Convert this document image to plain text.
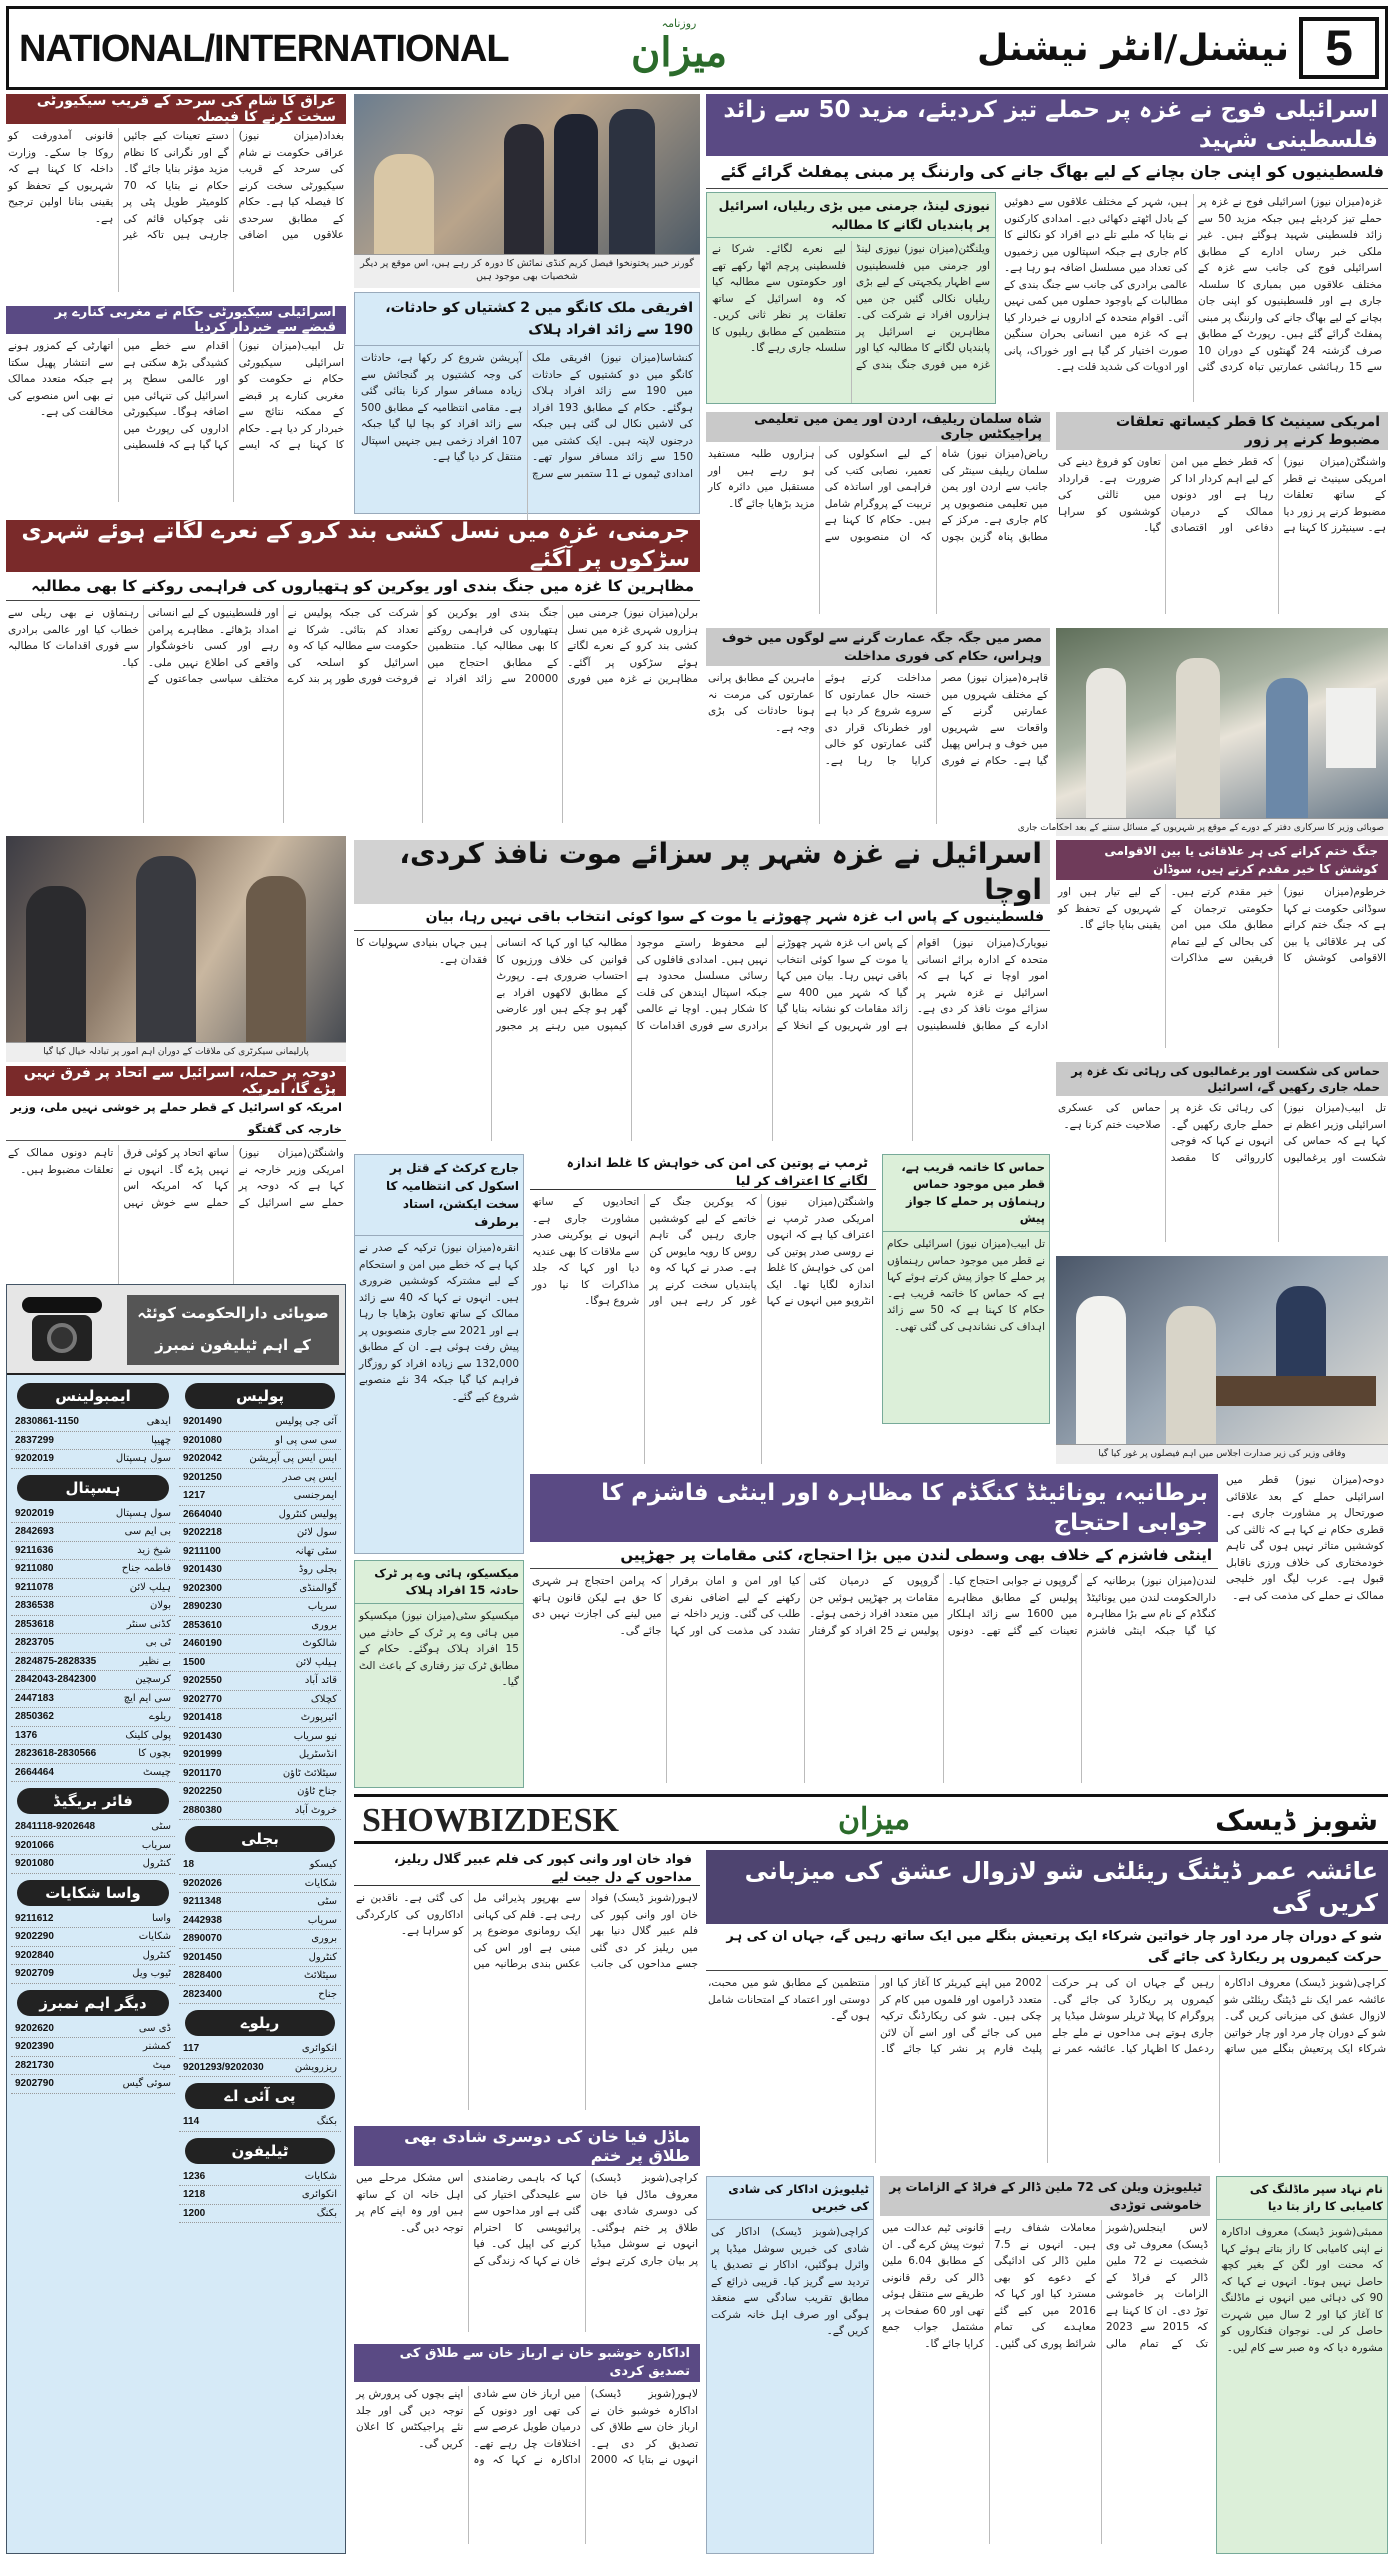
NATIONAL/INTERNATIONAL
روزنامہ
میزان	نیشنل/انٹر نیشنل 5
عراق کا شام کی سرحد کے قریب سیکیورٹی سخت کرنے کا فیصلہ
بغداد(میزان نیوز) عراقی حکومت نے شام کی سرحد کے قریب سیکیورٹی سخت کرنے کا فیصلہ کیا ہے۔ حکام کے مطابق سرحدی علاقوں میں اضافی دستے تعینات کیے جائیں گے اور نگرانی کا نظام مزید مؤثر بنایا جائے گا۔ حکام نے بتایا کہ 70 کلومیٹر طویل پٹی پر نئی چوکیاں قائم کی جارہی ہیں تاکہ غیر قانونی آمدورفت کو روکا جا سکے۔ وزارت داخلہ کا کہنا ہے کہ شہریوں کے تحفظ کو یقینی بنانا اولین ترجیح ہے۔
اسرائیلی سیکیورٹی حکام نے مغربی کنارے پر قبضے سے خبردار کردیا
تل ابیب(میزان نیوز) اسرائیلی سیکیورٹی حکام نے حکومت کو مغربی کنارے پر قبضے کے ممکنہ نتائج سے خبردار کر دیا ہے۔ حکام کا کہنا ہے کہ ایسے اقدام سے خطے میں کشیدگی بڑھ سکتی ہے اور عالمی سطح پر اسرائیل کی تنہائی میں اضافہ ہوگا۔ سیکیورٹی اداروں کی رپورٹ میں کہا گیا ہے کہ فلسطینی اتھارٹی کے کمزور ہونے سے انتشار پھیل سکتا ہے جبکہ متعدد ممالک نے بھی اس منصوبے کی مخالفت کی ہے۔
گورنر خیبر پختونخوا فیصل کریم کنڈی نمائش کا دورہ کر رہے ہیں، اس موقع پر دیگر شخصیات بھی موجود ہیں
افریقی ملک کانگو میں 2 کشتیاں کو حادثات، 190 سے زائد افراد ہلاک
کنشاسا(میزان نیوز) افریقی ملک کانگو میں دو کشتیوں کے حادثات میں 190 سے زائد افراد ہلاک ہوگئے۔ حکام کے مطابق 193 افراد کی لاشیں نکال لی گئی ہیں جبکہ درجنوں لاپتہ ہیں۔ ایک کشتی میں 150 سے زائد مسافر سوار تھے۔ امدادی ٹیموں نے 11 ستمبر سے سرچ آپریشن شروع کر رکھا ہے، حادثات کی وجہ کشتیوں پر گنجائش سے زیادہ مسافر سوار کرنا بتائی گئی ہے۔ مقامی انتظامیہ کے مطابق 500 سے زائد افراد کو بچا لیا گیا جبکہ 107 افراد زخمی ہیں جنہیں اسپتال منتقل کر دیا گیا ہے۔
اسرائیلی فوج نے غزہ پر حملے تیز کردیئے، مزید 50 سے زائد فلسطینی شہید
فلسطینیوں کو اپنی جان بچانے کے لیے بھاگ جانے کی وارننگ پر مبنی پمفلٹ گرائے گئے
غزہ(میزان نیوز) اسرائیلی فوج نے غزہ پر حملے تیز کردیئے ہیں جبکہ مزید 50 سے زائد فلسطینی شہید ہوگئے ہیں۔ غیر ملکی خبر رساں ادارے کے مطابق اسرائیلی فوج کی جانب سے غزہ کے مختلف علاقوں میں بمباری کا سلسلہ جاری ہے اور فلسطینیوں کو اپنی جان بچانے کے لیے بھاگ جانے کی وارننگ پر مبنی پمفلٹ گرائے گئے ہیں۔ رپورٹ کے مطابق صرف گزشتہ 24 گھنٹوں کے دوران 10 سے 15 رہائشی عمارتیں تباہ کردی گئی ہیں، شہر کے مختلف علاقوں سے دھوئیں کے بادل اٹھتے دکھائی دیے۔ امدادی کارکنوں نے بتایا کہ ملبے تلے دبے افراد کو نکالنے کا کام جاری ہے جبکہ اسپتالوں میں زخمیوں کی تعداد میں مسلسل اضافہ ہو رہا ہے۔ عالمی برادری کی جانب سے جنگ بندی کے مطالبات کے باوجود حملوں میں کمی نہیں آئی۔ اقوام متحدہ کے اداروں نے خبردار کیا ہے کہ غزہ میں انسانی بحران سنگین صورت اختیار کر گیا ہے اور خوراک، پانی اور ادویات کی شدید قلت ہے۔
نیوزی لینڈ، جرمنی میں بڑی ریلیاں، اسرائیل پر پابندیاں لگانے کا مطالبہ
ویلنگٹن(میزان نیوز) نیوزی لینڈ اور جرمنی میں فلسطینیوں سے اظہار یکجہتی کے لیے بڑی ریلیاں نکالی گئیں جن میں ہزاروں افراد نے شرکت کی۔ مظاہرین نے اسرائیل پر پابندیاں لگانے کا مطالبہ کیا اور غزہ میں فوری جنگ بندی کے لیے نعرے لگائے۔ شرکا نے فلسطینی پرچم اٹھا رکھے تھے اور حکومتوں سے مطالبہ کیا کہ وہ اسرائیل کے ساتھ تعلقات پر نظر ثانی کریں۔ منتظمین کے مطابق ریلیوں کا سلسلہ جاری رہے گا۔
امریکی سینیٹ کا قطر کیساتھ تعلقات مضبوط کرنے پر زور
واشنگٹن(میزان نیوز) امریکی سینیٹ نے قطر کے ساتھ تعلقات مضبوط کرنے پر زور دیا ہے۔ سینیٹرز کا کہنا ہے کہ قطر خطے میں امن کے لیے اہم کردار ادا کر رہا ہے اور دونوں ممالک کے درمیان دفاعی اور اقتصادی تعاون کو فروغ دینے کی ضرورت ہے۔ قرارداد میں ثالثی کی کوششوں کو سراہا گیا۔
شاہ سلمان ریلیف، اردن اور یمن میں تعلیمی پراجیکٹس جاری
ریاض(میزان نیوز) شاہ سلمان ریلیف سینٹر کی جانب سے اردن اور یمن میں تعلیمی منصوبوں پر کام جاری ہے۔ مرکز کے مطابق پناہ گزین بچوں کے لیے اسکولوں کی تعمیر، نصابی کتب کی فراہمی اور اساتذہ کی تربیت کے پروگرام شامل ہیں۔ حکام کا کہنا ہے کہ ان منصوبوں سے ہزاروں طلبہ مستفید ہو رہے ہیں اور مستقبل میں دائرہ کار مزید بڑھایا جائے گا۔
جرمنی، غزہ میں نسل کشی بند کرو کے نعرے لگاتے ہوئے شہری سڑکوں پر آگئے
مظاہرین کا غزہ میں جنگ بندی اور یوکرین کو ہتھیاروں کی فراہمی روکنے کا بھی مطالبہ
برلن(میزان نیوز) جرمنی میں ہزاروں شہری غزہ میں نسل کشی بند کرو کے نعرے لگاتے ہوئے سڑکوں پر آگئے۔ مظاہرین نے غزہ میں فوری جنگ بندی اور یوکرین کو ہتھیاروں کی فراہمی روکنے کا بھی مطالبہ کیا۔ منتظمین کے مطابق احتجاج میں 20000 سے زائد افراد نے شرکت کی جبکہ پولیس نے تعداد کم بتائی۔ شرکا نے حکومت سے مطالبہ کیا کہ وہ اسرائیل کو اسلحہ کی فروخت فوری طور پر بند کرے اور فلسطینیوں کے لیے انسانی امداد بڑھائے۔ مظاہرے پرامن رہے اور کسی ناخوشگوار واقعے کی اطلاع نہیں ملی۔ مختلف سیاسی جماعتوں کے رہنماؤں نے بھی ریلی سے خطاب کیا اور عالمی برادری سے فوری اقدامات کا مطالبہ کیا۔
مصر میں جگہ جگہ عمارت گرنے سے لوگوں میں خوف وہراس، حکام کی فوری مداخلت
قاہرہ(میزان نیوز) مصر کے مختلف شہروں میں عمارتیں گرنے کے واقعات سے شہریوں میں خوف و ہراس پھیل گیا ہے۔ حکام نے فوری مداخلت کرتے ہوئے خستہ حال عمارتوں کا سروے شروع کر دیا ہے اور خطرناک قرار دی گئی عمارتوں کو خالی کرایا جا رہا ہے۔ ماہرین کے مطابق پرانی عمارتوں کی مرمت نہ ہونا حادثات کی بڑی وجہ ہے۔
صوبائی وزیر کا سرکاری دفتر کے دورے کے موقع پر شہریوں کے مسائل سننے کے بعد احکامات جاری
پارلیمانی سیکرٹری کی ملاقات کے دوران اہم امور پر تبادلہ خیال کیا گیا
اسرائیل نے غزہ شہر پر سزائے موت نافذ کردی، اوچا
فلسطینیوں کے پاس اب غزہ شہر چھوڑنے یا موت کے سوا کوئی انتخاب باقی نہیں رہا، بیان
نیویارک(میزان نیوز) اقوام متحدہ کے ادارہ برائے انسانی امور اوچا نے کہا ہے کہ اسرائیل نے غزہ شہر پر سزائے موت نافذ کر دی ہے۔ ادارے کے مطابق فلسطینیوں کے پاس اب غزہ شہر چھوڑنے یا موت کے سوا کوئی انتخاب باقی نہیں رہا۔ بیان میں کہا گیا کہ شہر میں 400 سے زائد مقامات کو نشانہ بنایا گیا ہے اور شہریوں کے انخلا کے لیے محفوظ راستے موجود نہیں ہیں۔ امدادی قافلوں کی رسائی مسلسل محدود ہے جبکہ اسپتال ایندھن کی قلت کا شکار ہیں۔ اوچا نے عالمی برادری سے فوری اقدامات کا مطالبہ کیا اور کہا کہ انسانی قوانین کی خلاف ورزیوں کا احتساب ضروری ہے۔ رپورٹ کے مطابق لاکھوں افراد بے گھر ہو چکے ہیں اور عارضی کیمپوں میں رہنے پر مجبور ہیں جہاں بنیادی سہولیات کا فقدان ہے۔
جنگ ختم کرانے کی ہر علاقائی یا بین الاقوامی کوشش کا خیر مقدم کرتے ہیں، سوڈان
خرطوم(میزان نیوز) سوڈانی حکومت نے کہا ہے کہ جنگ ختم کرانے کی ہر علاقائی یا بین الاقوامی کوشش کا خیر مقدم کرتے ہیں۔ حکومتی ترجمان کے مطابق ملک میں امن کی بحالی کے لیے تمام فریقین سے مذاکرات کے لیے تیار ہیں اور شہریوں کے تحفظ کو یقینی بنایا جائے گا۔
حماس کی شکست اور یرغمالیوں کی رہائی تک غزہ پر حملہ جاری رکھیں گے، اسرائیل
تل ابیب(میزان نیوز) اسرائیلی وزیر اعظم نے کہا ہے کہ حماس کی شکست اور یرغمالیوں کی رہائی تک غزہ پر حملے جاری رکھیں گے۔ انہوں نے کہا کہ فوجی کارروائی کا مقصد حماس کی عسکری صلاحیت ختم کرنا ہے۔
دوحہ پر حملہ، اسرائیل سے اتحاد پر فرق نہیں پڑے گا، امریکہ
امریکہ کو اسرائیل کے قطر حملے پر خوشی نہیں ملی، وزیر خارجہ کی گفتگو
واشنگٹن(میزان نیوز) امریکی وزیر خارجہ نے کہا ہے کہ دوحہ پر حملے سے اسرائیل کے ساتھ اتحاد پر کوئی فرق نہیں پڑے گا۔ انہوں نے کہا کہ امریکہ اس حملے سے خوش نہیں تاہم دونوں ممالک کے تعلقات مضبوط ہیں۔	جارج کرکٹ کے قتل پر اسکول کی انتظامیہ کا سخت ایکشن، استاد برطرف
انقرہ(میزان نیوز) ترکیہ کے صدر نے کہا ہے کہ خطے میں امن و استحکام کے لیے مشترکہ کوششیں ضروری ہیں۔ انہوں نے کہا کہ 40 سے زائد ممالک کے ساتھ تعاون بڑھایا جا رہا ہے اور 2021 سے جاری منصوبوں پر پیش رفت ہوئی ہے۔ ان کے مطابق 132,000 سے زیادہ افراد کو روزگار فراہم کیا گیا جبکہ 34 نئے منصوبے شروع کیے گئے۔
ٹرمپ نے پوتین کی امن کی خواہش کا غلط اندازہ لگانے کا اعتراف کر لیا
واشنگٹن(میزان نیوز) امریکی صدر ٹرمپ نے اعتراف کیا ہے کہ انہوں نے روسی صدر پوتین کی امن کی خواہش کا غلط اندازہ لگایا تھا۔ ایک انٹرویو میں انہوں نے کہا کہ یوکرین جنگ کے خاتمے کے لیے کوششیں جاری رہیں گی تاہم روس کا رویہ مایوس کن ہے۔ صدر نے کہا کہ وہ پابندیاں سخت کرنے پر غور کر رہے ہیں اور اتحادیوں کے ساتھ مشاورت جاری ہے۔ انہوں نے یوکرینی صدر سے ملاقات کا بھی عندیہ دیا اور کہا کہ جلد مذاکرات کا نیا دور شروع ہوگا۔
حماس کا خاتمہ قریب ہے، قطر میں موجود حماس رہنماؤں پر حملے کا جواز پیش
تل ابیب(میزان نیوز) اسرائیلی حکام نے قطر میں موجود حماس رہنماؤں پر حملے کا جواز پیش کرتے ہوئے کہا ہے کہ حماس کا خاتمہ قریب ہے۔ حکام کا کہنا ہے کہ 50 سے زائد اہداف کی نشاندہی کی گئی تھی۔
وفاقی وزیر کی زیر صدارت اجلاس میں اہم فیصلوں پر غور کیا گیا
دوحہ(میزان نیوز) قطر میں اسرائیلی حملے کے بعد علاقائی صورتحال پر مشاورت جاری ہے۔ قطری حکام نے کہا ہے کہ ثالثی کی کوششیں متاثر نہیں ہوں گی تاہم خودمختاری کی خلاف ورزی ناقابل قبول ہے۔ عرب لیگ اور خلیجی ممالک نے حملے کی مذمت کی ہے۔
برطانیہ، یونائیٹڈ کنگڈم کا مظاہرہ اور اینٹی فاشزم کا جوابی احتجاج
اینٹی فاشزم کے خلاف بھی وسطی لندن میں بڑا احتجاج، کئی مقامات پر جھڑپیں
لندن(میزان نیوز) برطانیہ کے دارالحکومت لندن میں یونائیٹڈ کنگڈم کے نام سے بڑا مظاہرہ کیا گیا جبکہ اینٹی فاشزم گروپوں نے جوابی احتجاج کیا۔ پولیس کے مطابق مظاہرے میں 1600 سے زائد اہلکار تعینات کیے گئے تھے۔ دونوں گروپوں کے درمیان کئی مقامات پر جھڑپیں ہوئیں جن میں متعدد افراد زخمی ہوئے۔ پولیس نے 25 افراد کو گرفتار کیا اور امن و امان برقرار رکھنے کے لیے اضافی نفری طلب کی گئی۔ وزیر داخلہ نے تشدد کی مذمت کی اور کہا کہ پرامن احتجاج ہر شہری کا حق ہے لیکن قانون ہاتھ میں لینے کی اجازت نہیں دی جائے گی۔
میکسیکو، ہائی وے پر ٹرک حادثہ 15 افراد ہلاک
میکسیکو سٹی(میزان نیوز) میکسیکو میں ہائی وے پر ٹرک کے حادثے میں 15 افراد ہلاک ہوگئے۔ حکام کے مطابق ٹرک تیز رفتاری کے باعث الٹ گیا۔
صوبائی دارالحکومت کوئٹہ
کے اہم ٹیلیفون نمبرز
پولیس
9201490	آئی جی پولیس
9201080	سی سی پی او
9202042	ایس ایس پی آپریشن
9201250	ایس پی صدر
1217	ایمرجنسی
2664040	پولیس کنٹرول
9202218	سول لائن
9211100	سٹی تھانہ
9201430	بجلی روڈ
9202300	گوالمنڈی
2890230	سریاب
2853610	بروری
2460190	شالکوٹ
1500	ہیلپ لائن
9202550	قائد آباد
9202770	کچلاک
9201418	ائیرپورٹ
9201430	نیو سریاب
9201999	انڈسٹریل
9201170	سیٹلائٹ ٹاؤن
9202250	جناح ٹاؤن
2880380	خروٹ آباد
بجلی
18	کیسکو
9202026	شکایات
9211348	سٹی
2442938	سریاب
2890070	بروری
9201450	کنٹرول
2828400	سیٹلائٹ
2823400	جناح
ریلوے
117	انکوائری
9201293/9202030	ریزرویشن
پی آئی اے
114	بکنگ
ٹیلیفون
1236	شکایات
1218	انکوائری
1200	بکنگ
ایمبولینس
2830861-1150	ایدھی
2837299	چھیپا
9202019	سول ہسپتال
ہسپتال
9202019	سول ہسپتال
2842693	بی ایم سی
9211636	شیخ زید
9211080	فاطمہ جناح
9211078	ہیلپ لائن
2836538	بولان
2853618	کڈنی سنٹر
2823705	ٹی بی
2824875-2828335	بے نظیر
2842043-2842300	کرسچین
2447183	سی ایم ایچ
2850362	ریلوے
1376	پولی کلینک
2823618-2830566	بچوں کا
2664464	چیسٹ
فائر بریگیڈ
2841118-9202648	سٹی
9201066	سریاب
9201080	کنٹرول
واسا شکایات
9211612	واسا
9202290	شکایات
9202840	کنٹرول
9202709	ٹیوب ویل
دیگر اہم نمبرز
9202620	ڈی سی
9202390	کمشنر
2821730	میٹ
9202790	سوئی گیس
SHOWBIZDESK	میزان	شوبز ڈیسک
فواد خان اور وانی کپور کی فلم عبیر گلال ریلیز، مداحوں کے دل جیت لیے
لاہور(شوبز ڈیسک) فواد خان اور وانی کپور کی فلم عبیر گلال دنیا بھر میں ریلیز کر دی گئی جسے مداحوں کی جانب سے بھرپور پذیرائی مل رہی ہے۔ فلم کی کہانی ایک رومانوی موضوع پر مبنی ہے اور اس کی عکس بندی برطانیہ میں کی گئی ہے۔ ناقدین نے اداکاروں کی کارکردگی کو سراہا ہے۔
عائشہ عمر ڈیٹنگ ریئلٹی شو لازوال عشق کی میزبانی کریں گی
شو کے دوران چار مرد اور چار خواتین شرکاء ایک پرتعیش بنگلے میں ایک ساتھ رہیں گے، جہاں ان کی ہر حرکت کیمروں پر ریکارڈ کی جائے گی
کراچی(شوبز ڈیسک) معروف اداکارہ عائشہ عمر ایک نئے ڈیٹنگ ریئلٹی شو لازوال عشق کی میزبانی کریں گی۔ شو کے دوران چار مرد اور چار خواتین شرکاء ایک پرتعیش بنگلے میں ساتھ رہیں گے جہاں ان کی ہر حرکت کیمروں پر ریکارڈ کی جائے گی۔ پروگرام کا پہلا ٹریلر سوشل میڈیا پر جاری ہوتے ہی مداحوں نے ملے جلے ردعمل کا اظہار کیا۔ عائشہ عمر نے 2002 میں اپنے کیریئر کا آغاز کیا اور متعدد ڈراموں اور فلموں میں کام کر چکی ہیں۔ شو کی ریکارڈنگ ترکیہ میں کی جائے گی اور اسے آن لائن پلیٹ فارم پر نشر کیا جائے گا۔ منتظمین کے مطابق شو میں محبت، دوستی اور اعتماد کے امتحانات شامل ہوں گے۔
ماڈل فیا خان کی دوسری شادی بھی طلاق پر ختم
کراچی(شوبز ڈیسک) معروف ماڈل فیا خان کی دوسری شادی بھی طلاق پر ختم ہوگئی۔ انہوں نے سوشل میڈیا پر بیان جاری کرتے ہوئے کہا کہ باہمی رضامندی سے علیحدگی اختیار کی گئی ہے اور مداحوں سے پرائیویسی کا احترام کرنے کی اپیل کی۔ فیا خان نے کہا کہ زندگی کے اس مشکل مرحلے میں اہل خانہ ان کے ساتھ ہیں اور وہ اپنے کام پر توجہ دیں گی۔
اداکارہ خوشبو خان نے ارباز خان سے طلاق کی تصدیق کردی
لاہور(شوبز ڈیسک) اداکارہ خوشبو خان نے ارباز خان سے طلاق کی تصدیق کر دی ہے۔ انہوں نے بتایا کہ 2000 میں ارباز خان سے شادی کی تھی اور دونوں کے درمیان طویل عرصے سے اختلافات چل رہے تھے۔ اداکارہ نے کہا کہ وہ اپنے بچوں کی پرورش پر توجہ دیں گی اور جلد نئے پراجیکٹس کا اعلان کریں گی۔
ٹیلیویژن اداکار کی شادی کی خبریں
کراچی(شوبز ڈیسک) اداکار کی شادی کی خبریں سوشل میڈیا پر وائرل ہوگئیں، اداکار نے تصدیق یا تردید سے گریز کیا۔ قریبی ذرائع کے مطابق تقریب سادگی سے منعقد ہوگی اور صرف اہل خانہ شرکت کریں گے۔
ٹیلیویژن ویلن کی 72 ملین ڈالر کے فراڈ کے الزامات پر خاموشی توڑدی
لاس اینجلس(شوبز ڈیسک) معروف ٹی وی شخصیت نے 72 ملین ڈالر کے فراڈ کے الزامات پر خاموشی توڑ دی۔ ان کا کہنا ہے کہ 2015 سے 2023 تک کے تمام مالی معاملات شفاف رہے ہیں۔ انہوں نے 7.5 ملین ڈالر کی ادائیگی کے دعوے کو بھی مسترد کیا اور کہا کہ 2016 میں کیے گئے معاہدے کی تمام شرائط پوری کی گئیں۔ قانونی ٹیم عدالت میں ثبوت پیش کرے گی۔ ان کے مطابق 6.04 ملین ڈالر کی رقم قانونی طریقے سے منتقل ہوئی تھی اور 60 صفحات پر مشتمل جواب جمع کرایا جائے گا۔
نام نہاد سپر ماڈلنگ کی کامیابی کا راز بتا دیا
ممبئی(شوبز ڈیسک) معروف اداکارہ نے اپنی کامیابی کا راز بتاتے ہوئے کہا کہ محنت اور لگن کے بغیر کچھ حاصل نہیں ہوتا۔ انہوں نے کہا کہ 90 کی دہائی میں انہوں نے ماڈلنگ کا آغاز کیا اور 2 سال میں شہرت حاصل کر لی۔ نوجوان فنکاروں کو مشورہ دیا کہ وہ صبر سے کام لیں۔
